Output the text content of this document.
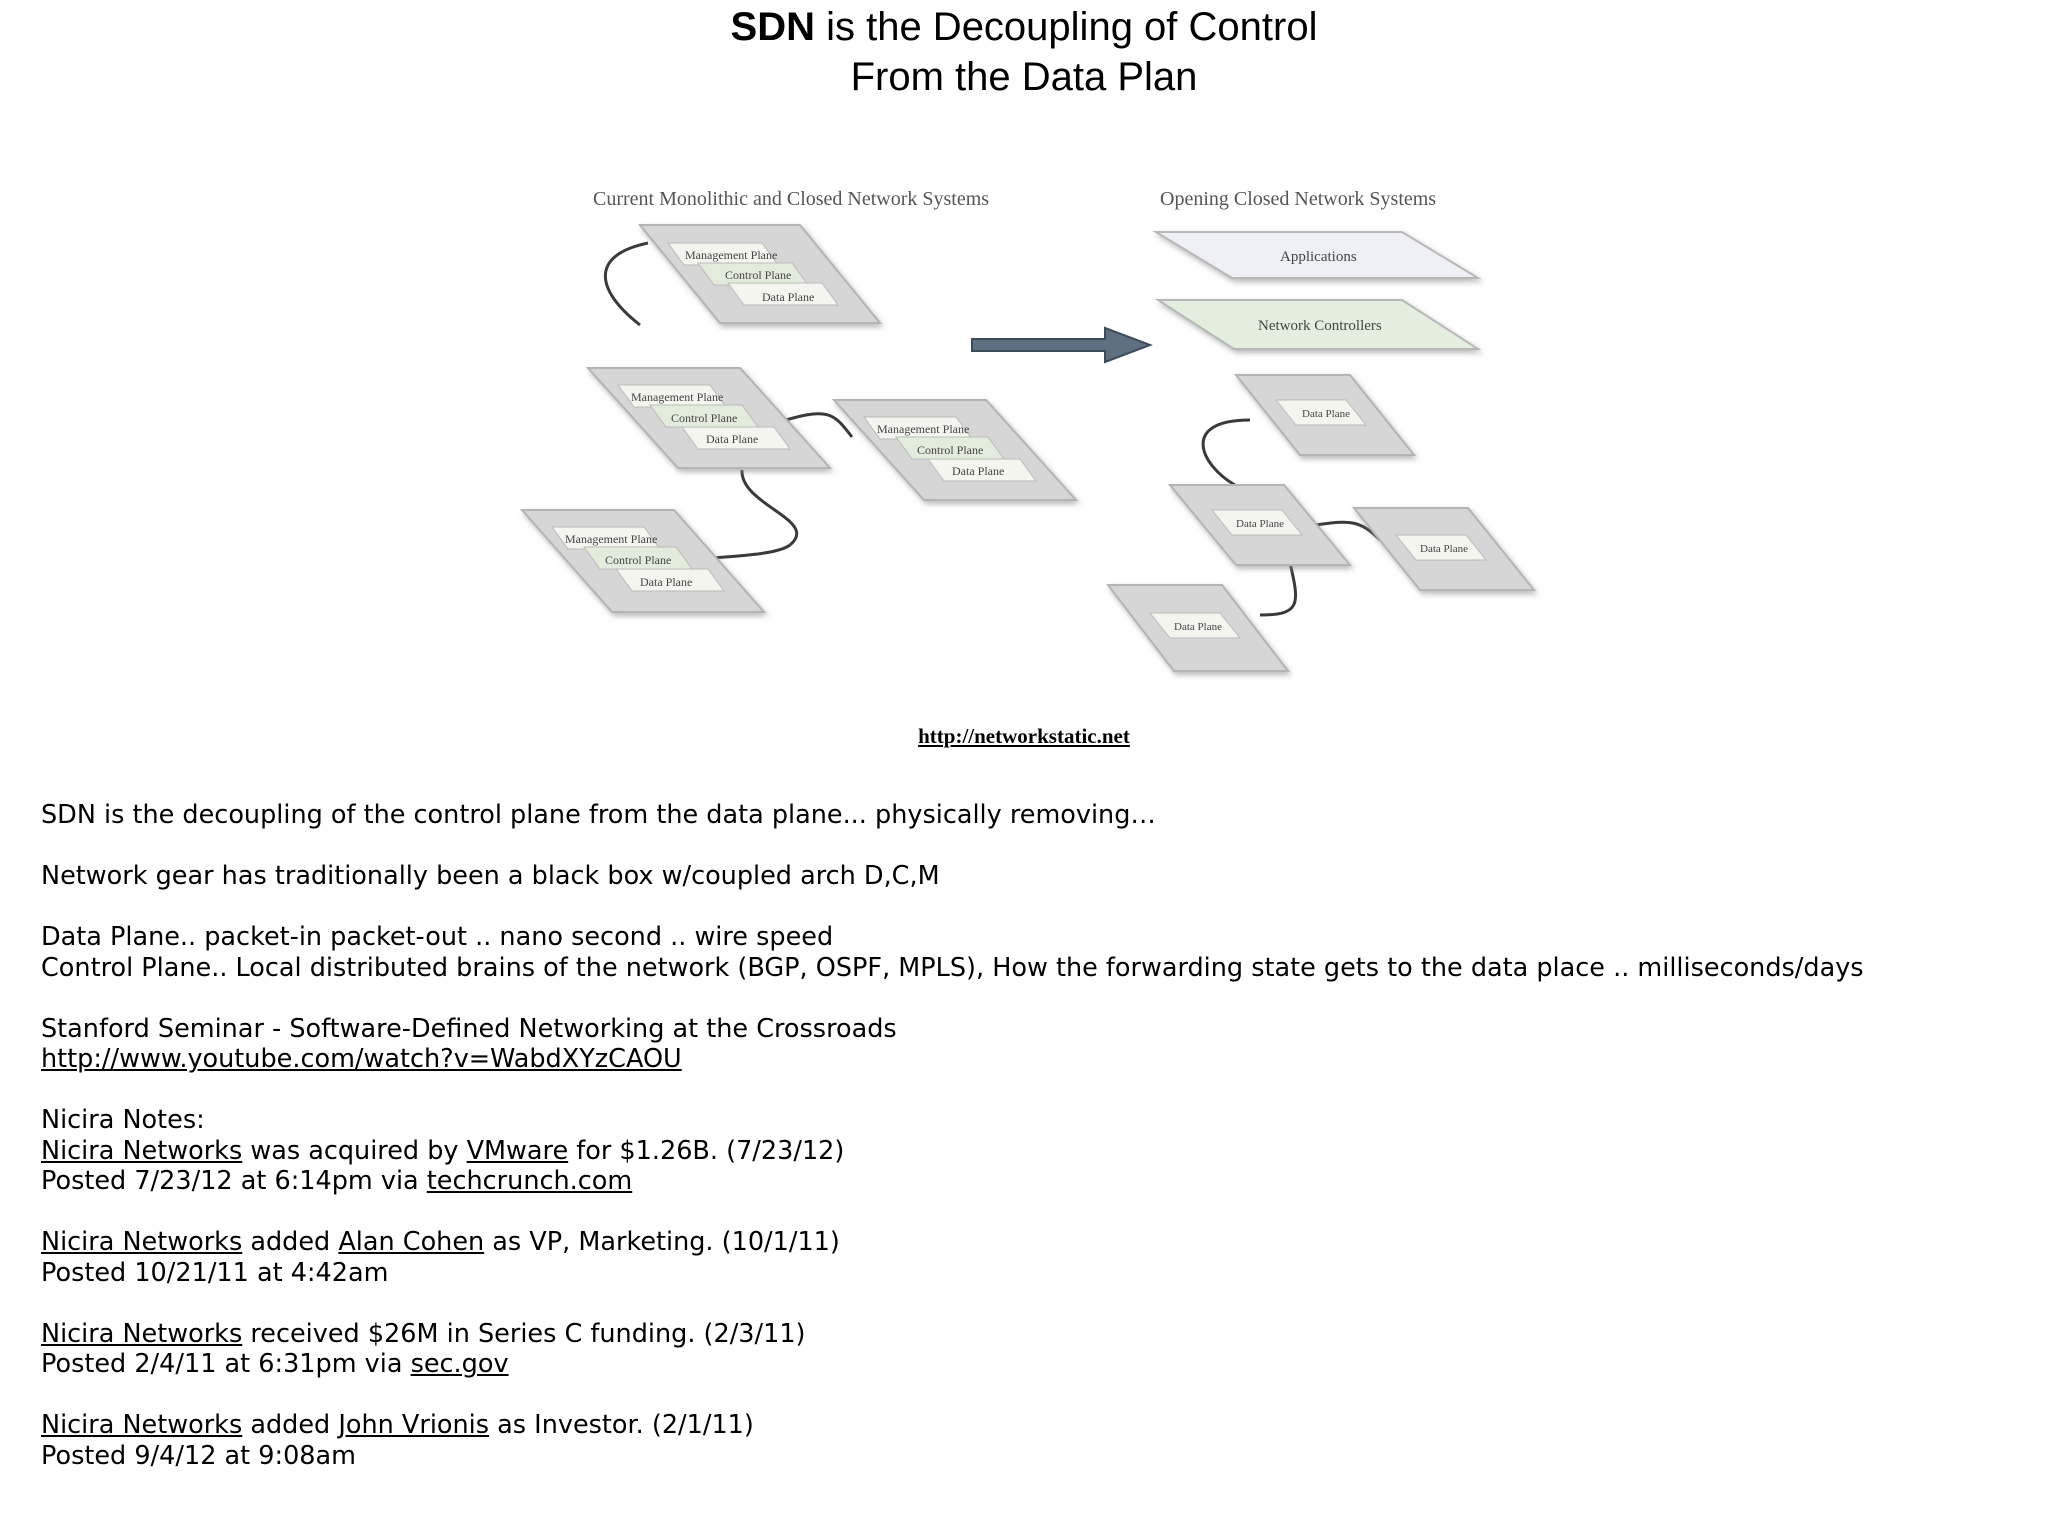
SDN is the Decoupling of Control
From the Data Plan
Current Monolithic and Closed Network Systems	Opening Closed Network Systems
Management Plane
Control Plane
Data Plane
Management Plane
Control Plane
Data Plane
Management Plane
Control Plane
Data Plane
Management Plane
Control Plane
Data Plane
Applications
Network Controllers
Data Plane
Data Plane
Data Plane
Data Plane
http://networkstatic.net

SDN is the decoupling of the control plane from the data plane... physically removing…

Network gear has traditionally been a black box w/coupled arch D,C,M

Data Plane.. packet-in packet-out .. nano second .. wire speed
Control Plane.. Local distributed brains of the network (BGP, OSPF, MPLS), How the forwarding state gets to the data place .. milliseconds/days

Stanford Seminar - Software-Defined Networking at the Crossroads
http://www.youtube.com/watch?v=WabdXYzCAOU

Nicira Notes:
Nicira Networks was acquired by VMware for $1.26B. (7/23/12)
Posted 7/23/12 at 6:14pm via techcrunch.com

Nicira Networks added Alan Cohen as VP, Marketing. (10/1/11)
Posted 10/21/11 at 4:42am

Nicira Networks received $26M in Series C funding. (2/3/11)
Posted 2/4/11 at 6:31pm via sec.gov

Nicira Networks added John Vrionis as Investor. (2/1/11)
Posted 9/4/12 at 9:08am
